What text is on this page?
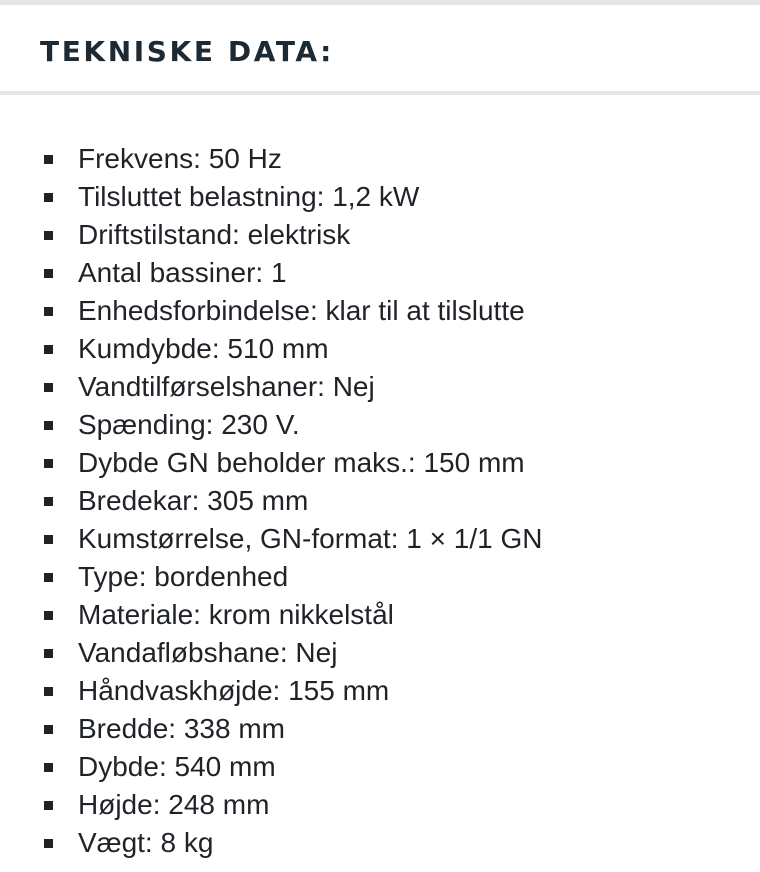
TEKNISKE DATA:
Frekvens: 50 Hz
Tilsluttet belastning: 1,2 kW
Driftstilstand: elektrisk
Antal bassiner: 1
Enhedsforbindelse: klar til at tilslutte
Kumdybde: 510 mm
Vandtilførselshaner: Nej
Spænding: 230 V.
Dybde GN beholder maks.: 150 mm
Bredekar: 305 mm
Kumstørrelse, GN-format: 1 × 1/1 GN
Type: bordenhed
Materiale: krom nikkelstål
Vandafløbshane: Nej
Håndvaskhøjde: 155 mm
Bredde: 338 mm
Dybde: 540 mm
Højde: 248 mm
Vægt: 8 kg
